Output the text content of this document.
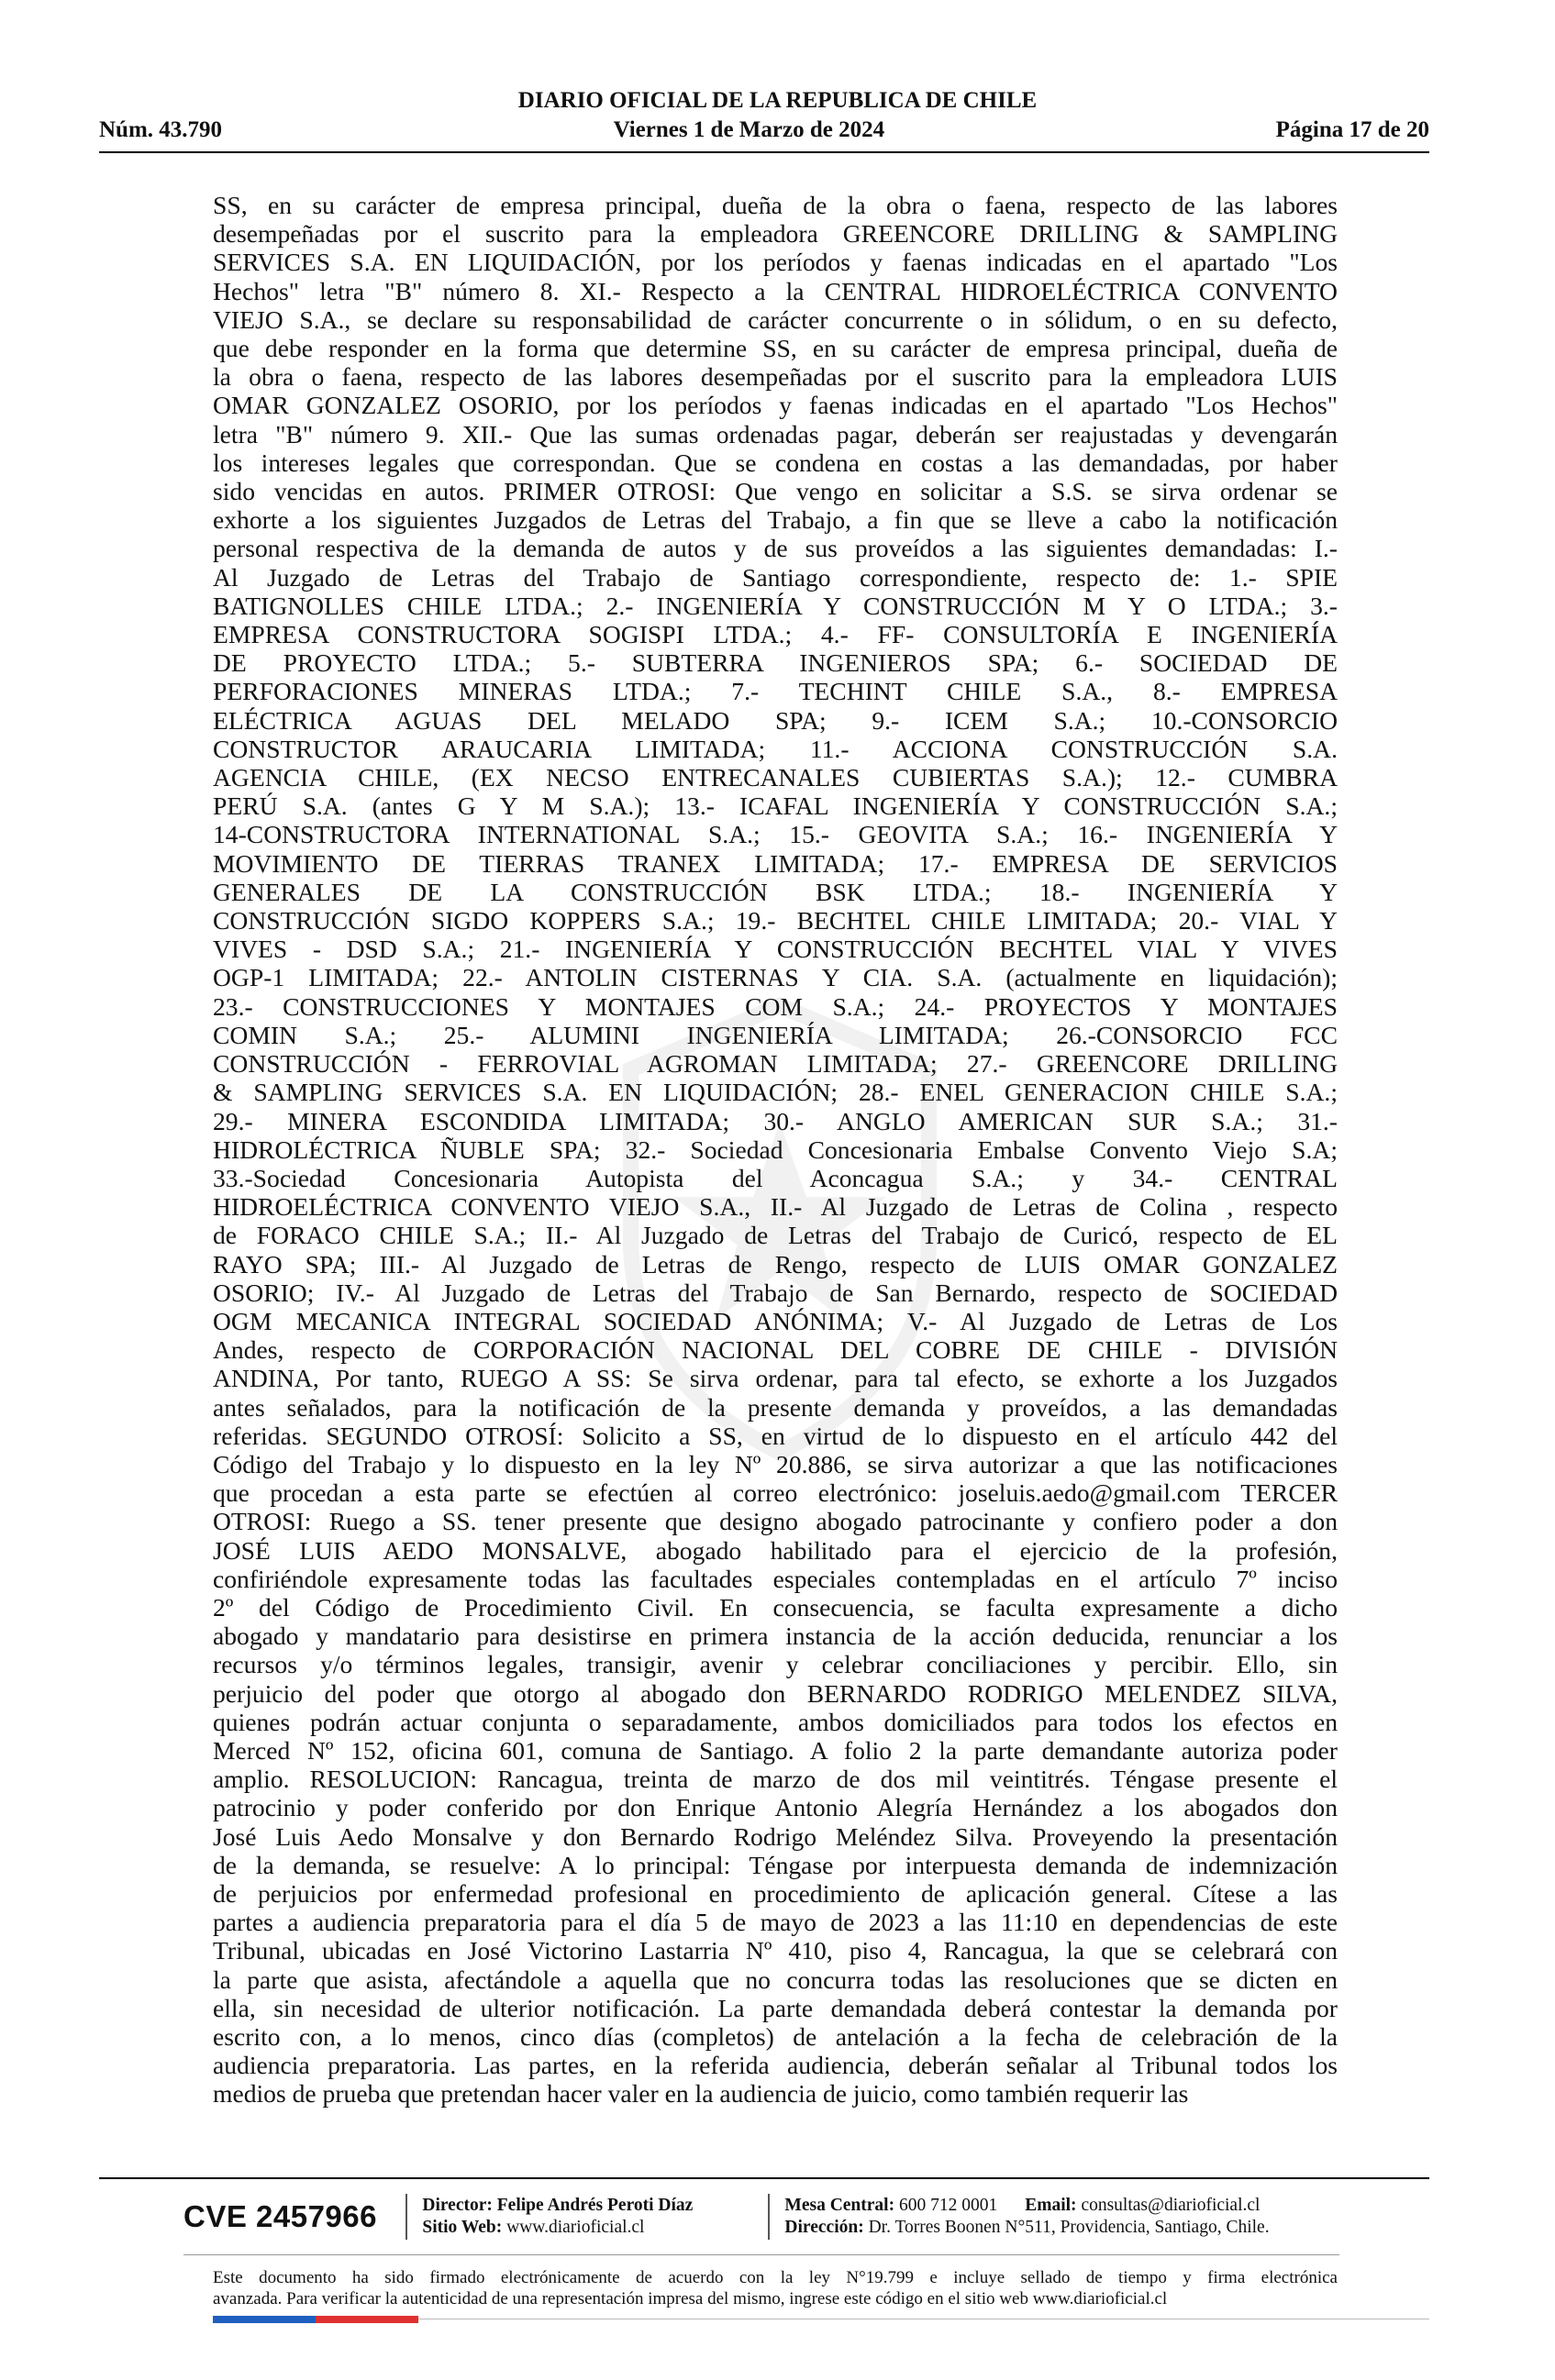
DIARIO OFICIAL DE LA REPUBLICA DE CHILE
Núm. 43.790	Viernes 1 de Marzo de 2024	Página 17 de 20

SS, en su carácter de empresa principal, dueña de la obra o faena, respecto de las labores

desempeñadas por el suscrito para la empleadora GREENCORE DRILLING & SAMPLING

SERVICES S.A. EN LIQUIDACIÓN, por los períodos y faenas indicadas en el apartado "Los

Hechos" letra "B" número 8. XI.- Respecto a la CENTRAL HIDROELÉCTRICA CONVENTO

VIEJO S.A., se declare su responsabilidad de carácter concurrente o in sólidum, o en su defecto,

que debe responder en la forma que determine SS, en su carácter de empresa principal, dueña de

la obra o faena, respecto de las labores desempeñadas por el suscrito para la empleadora LUIS

OMAR GONZALEZ OSORIO, por los períodos y faenas indicadas en el apartado "Los Hechos"

letra "B" número 9. XII.- Que las sumas ordenadas pagar, deberán ser reajustadas y devengarán

los intereses legales que correspondan. Que se condena en costas a las demandadas, por haber

sido vencidas en autos. PRIMER OTROSI: Que vengo en solicitar a S.S. se sirva ordenar se

exhorte a los siguientes Juzgados de Letras del Trabajo, a fin que se lleve a cabo la notificación

personal respectiva de la demanda de autos y de sus proveídos a las siguientes demandadas: I.-

Al Juzgado de Letras del Trabajo de Santiago correspondiente, respecto de: 1.- SPIE

BATIGNOLLES CHILE LTDA.; 2.- INGENIERÍA Y CONSTRUCCIÓN M Y O LTDA.; 3.-

EMPRESA CONSTRUCTORA SOGISPI LTDA.; 4.- FF- CONSULTORÍA E INGENIERÍA

DE PROYECTO LTDA.; 5.- SUBTERRA INGENIEROS SPA; 6.- SOCIEDAD DE

PERFORACIONES MINERAS LTDA.; 7.- TECHINT CHILE S.A., 8.- EMPRESA

ELÉCTRICA AGUAS DEL MELADO SPA; 9.- ICEM S.A.; 10.-CONSORCIO

CONSTRUCTOR ARAUCARIA LIMITADA; 11.- ACCIONA CONSTRUCCIÓN S.A.

AGENCIA CHILE, (EX NECSO ENTRECANALES CUBIERTAS S.A.); 12.- CUMBRA

PERÚ S.A. (antes G Y M S.A.); 13.- ICAFAL INGENIERÍA Y CONSTRUCCIÓN S.A.;

14-CONSTRUCTORA INTERNATIONAL S.A.; 15.- GEOVITA S.A.; 16.- INGENIERÍA Y

MOVIMIENTO DE TIERRAS TRANEX LIMITADA; 17.- EMPRESA DE SERVICIOS

GENERALES DE LA CONSTRUCCIÓN BSK LTDA.; 18.- INGENIERÍA Y

CONSTRUCCIÓN SIGDO KOPPERS S.A.; 19.- BECHTEL CHILE LIMITADA; 20.- VIAL Y

VIVES - DSD S.A.; 21.- INGENIERÍA Y CONSTRUCCIÓN BECHTEL VIAL Y VIVES

OGP-1 LIMITADA; 22.- ANTOLIN CISTERNAS Y CIA. S.A. (actualmente en liquidación);

23.- CONSTRUCCIONES Y MONTAJES COM S.A.; 24.- PROYECTOS Y MONTAJES

COMIN S.A.; 25.- ALUMINI INGENIERÍA LIMITADA; 26.-CONSORCIO FCC

CONSTRUCCIÓN - FERROVIAL AGROMAN LIMITADA; 27.- GREENCORE DRILLING

& SAMPLING SERVICES S.A. EN LIQUIDACIÓN; 28.- ENEL GENERACION CHILE S.A.;

29.- MINERA ESCONDIDA LIMITADA; 30.- ANGLO AMERICAN SUR S.A.; 31.-

HIDROLÉCTRICA ÑUBLE SPA; 32.- Sociedad Concesionaria Embalse Convento Viejo S.A;

33.-Sociedad Concesionaria Autopista del Aconcagua S.A.; y 34.- CENTRAL

HIDROELÉCTRICA CONVENTO VIEJO S.A., II.- Al Juzgado de Letras de Colina , respecto

de FORACO CHILE S.A.; II.- Al Juzgado de Letras del Trabajo de Curicó, respecto de EL

RAYO SPA; III.- Al Juzgado de Letras de Rengo, respecto de LUIS OMAR GONZALEZ

OSORIO; IV.- Al Juzgado de Letras del Trabajo de San Bernardo, respecto de SOCIEDAD

OGM MECANICA INTEGRAL SOCIEDAD ANÓNIMA; V.- Al Juzgado de Letras de Los

Andes, respecto de CORPORACIÓN NACIONAL DEL COBRE DE CHILE - DIVISIÓN

ANDINA, Por tanto, RUEGO A SS: Se sirva ordenar, para tal efecto, se exhorte a los Juzgados

antes señalados, para la notificación de la presente demanda y proveídos, a las demandadas

referidas. SEGUNDO OTROSÍ: Solicito a SS, en virtud de lo dispuesto en el artículo 442 del

Código del Trabajo y lo dispuesto en la ley Nº 20.886, se sirva autorizar a que las notificaciones

que procedan a esta parte se efectúen al correo electrónico: joseluis.aedo@gmail.com TERCER

OTROSI: Ruego a SS. tener presente que designo abogado patrocinante y confiero poder a don

JOSÉ LUIS AEDO MONSALVE, abogado habilitado para el ejercicio de la profesión,

confiriéndole expresamente todas las facultades especiales contempladas en el artículo 7º inciso

2º del Código de Procedimiento Civil. En consecuencia, se faculta expresamente a dicho

abogado y mandatario para desistirse en primera instancia de la acción deducida, renunciar a los

recursos y/o términos legales, transigir, avenir y celebrar conciliaciones y percibir. Ello, sin

perjuicio del poder que otorgo al abogado don BERNARDO RODRIGO MELENDEZ SILVA,

quienes podrán actuar conjunta o separadamente, ambos domiciliados para todos los efectos en

Merced Nº 152, oficina 601, comuna de Santiago. A folio 2 la parte demandante autoriza poder

amplio. RESOLUCION: Rancagua, treinta de marzo de dos mil veintitrés. Téngase presente el

patrocinio y poder conferido por don Enrique Antonio Alegría Hernández a los abogados don

José Luis Aedo Monsalve y don Bernardo Rodrigo Meléndez Silva. Proveyendo la presentación

de la demanda, se resuelve: A lo principal: Téngase por interpuesta demanda de indemnización

de perjuicios por enfermedad profesional en procedimiento de aplicación general. Cítese a las

partes a audiencia preparatoria para el día 5 de mayo de 2023 a las 11:10 en dependencias de este

Tribunal, ubicadas en José Victorino Lastarria Nº 410, piso 4, Rancagua, la que se celebrará con

la parte que asista, afectándole a aquella que no concurra todas las resoluciones que se dicten en

ella, sin necesidad de ulterior notificación. La parte demandada deberá contestar la demanda por

escrito con, a lo menos, cinco días (completos) de antelación a la fecha de celebración de la

audiencia preparatoria. Las partes, en la referida audiencia, deberán señalar al Tribunal todos los

medios de prueba que pretendan hacer valer en la audiencia de juicio, como también requerir las

CVE 2457966	Director: Felipe Andrés Peroti Díaz
Sitio Web: www.diarioficial.cl
Mesa Central: 600 712 0001 Email: consultas@diarioficial.cl
Dirección: Dr. Torres Boonen N°511, Providencia, Santiago, Chile.

Este documento ha sido firmado electrónicamente de acuerdo con la ley N°19.799 e incluye sellado de tiempo y firma electrónica

avanzada. Para verificar la autenticidad de una representación impresa del mismo, ingrese este código en el sitio web www.diarioficial.cl
